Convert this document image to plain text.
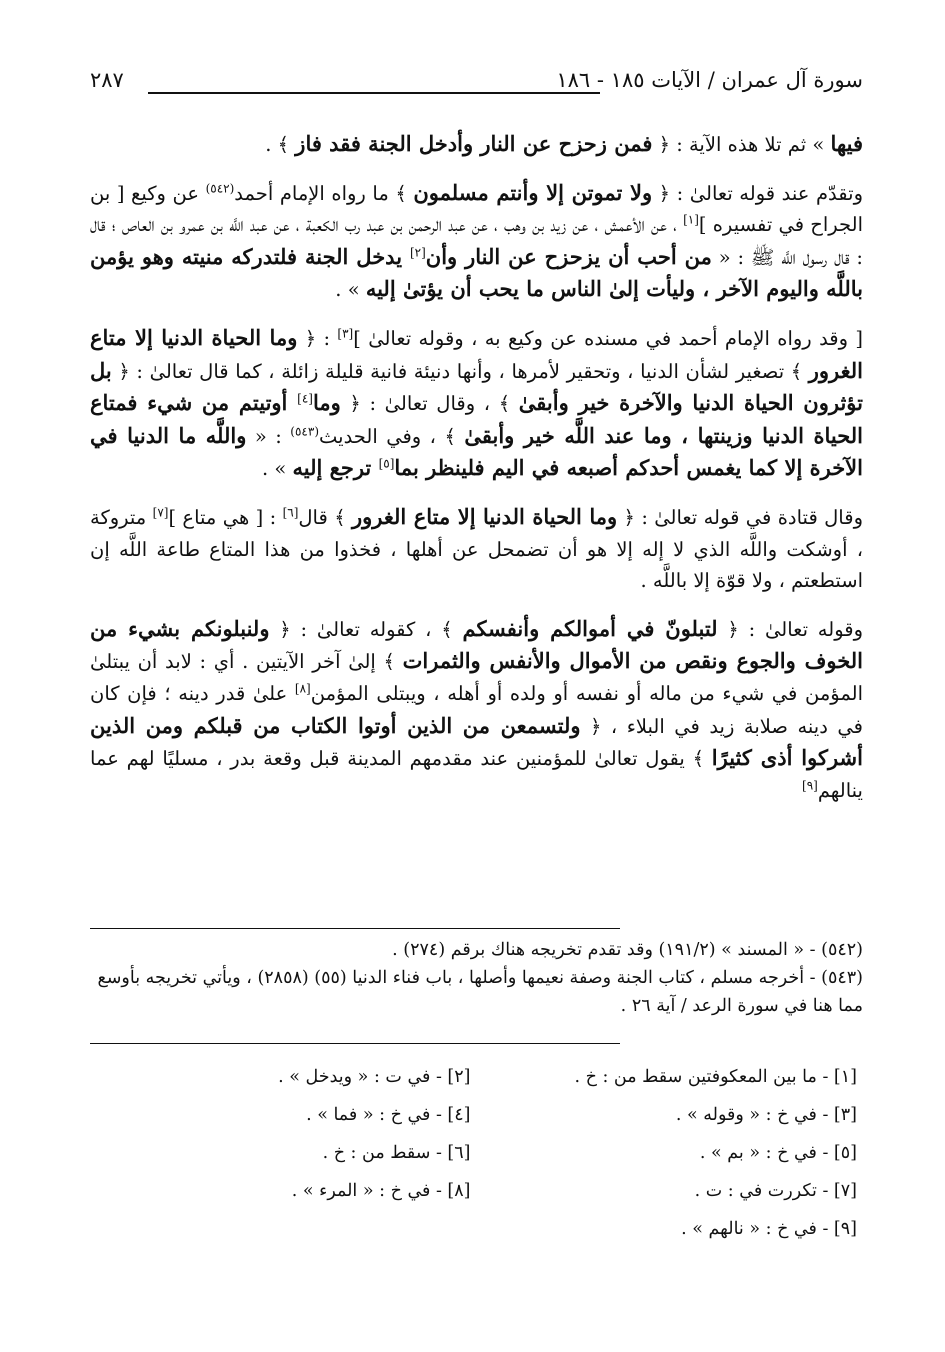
سورة آل عمران / الآيات ١٨٥ - ١٨٦
٢٨٧

فيها » ثم تلا هذه الآية : ﴿ فمن زحزح عن النار وأدخل الجنة فقد فاز ﴾ .

وتقدّم عند قوله تعالىٰ : ﴿ ولا تموتن إلا وأنتم مسلمون ﴾ ما رواه الإمام أحمد$^{(٥٤٢)}$ عن وكيع [ بن الجراح في تفسيره ][١] ، عن الأعمش ، عن زيد بن وهب ، عن عبد الرحمن بن عبد رب الكعبة ، عن عبد اللَّه بن عمرو بن العاص ؛ قال : قال رسول اللَّه ﷺ : « من أحب أن يزحزح عن النار وأن[٢] يدخل الجنة فلتدركه منيته وهو يؤمن باللَّه واليوم الآخر ، وليأت إلىٰ الناس ما يحب أن يؤتىٰ إليه » .

[ وقد رواه الإمام أحمد في مسنده عن وكيع به ، وقوله تعالىٰ ][٣] : ﴿ وما الحياة الدنيا إلا متاع الغرور ﴾ تصغير لشأن الدنيا ، وتحقير لأمرها ، وأنها دنيئة فانية قليلة زائلة ، كما قال تعالىٰ : ﴿ بل تؤثرون الحياة الدنيا والآخرة خير وأبقىٰ ﴾ ، وقال تعالىٰ : ﴿ وما[٤] أوتيتم من شيء فمتاع الحياة الدنيا وزينتها ، وما عند اللَّه خير وأبقىٰ ﴾ ، وفي الحديث$^{(٥٤٣)}$ : « واللَّه ما الدنيا في الآخرة إلا كما يغمس أحدكم أصبعه في اليم فلينظر بما[٥] ترجع إليه » .

وقال قتادة في قوله تعالىٰ : ﴿ وما الحياة الدنيا إلا متاع الغرور ﴾ قال[٦] : [ هي متاع ][٧] متروكة ، أوشكت واللَّه الذي لا إله إلا هو أن تضمحل عن أهلها ، فخذوا من هذا المتاع طاعة اللَّه إن استطعتم ، ولا قوّة إلا باللَّه .

وقوله تعالىٰ : ﴿ لتبلونّ في أموالكم وأنفسكم ﴾ ، كقوله تعالىٰ : ﴿ ولنبلونكم بشيء من الخوف والجوع ونقص من الأموال والأنفس والثمرات ﴾ إلىٰ آخر الآيتين . أي : لابد أن يبتلىٰ المؤمن في شيء من ماله أو نفسه أو ولده أو أهله ، ويبتلى المؤمن[٨] علىٰ قدر دينه ؛ فإن كان في دينه صلابة زيد في البلاء ، ﴿ ولتسمعن من الذين أوتوا الكتاب من قبلكم ومن الذين أشركوا أذى كثيرًا ﴾ يقول تعالىٰ للمؤمنين عند مقدمهم المدينة قبل وقعة بدر ، مسليًا لهم عما ينالهم[٩]

(٥٤٢) - « المسند » (١٩١/٢) وقد تقدم تخريجه هناك برقم (٢٧٤) .
(٥٤٣) - أخرجه مسلم ، كتاب الجنة وصفة نعيمها وأصلها ، باب فناء الدنيا (٥٥) (٢٨٥٨) ، ويأتي تخريجه بأوسع مما هنا في سورة الرعد / آية ٢٦ .
[١] - ما بين المعكوفتين سقط من : خ .
[٢] - في ت : « ويدخل » .
[٣] - في خ : « وقوله » .
[٤] - في خ : « فما » .
[٥] - في خ : « بم » .
[٦] - سقط من : خ .
[٧] - تكررت في : ت .
[٨] - في خ : « المرء » .
[٩] - في خ : « نالهم » .
